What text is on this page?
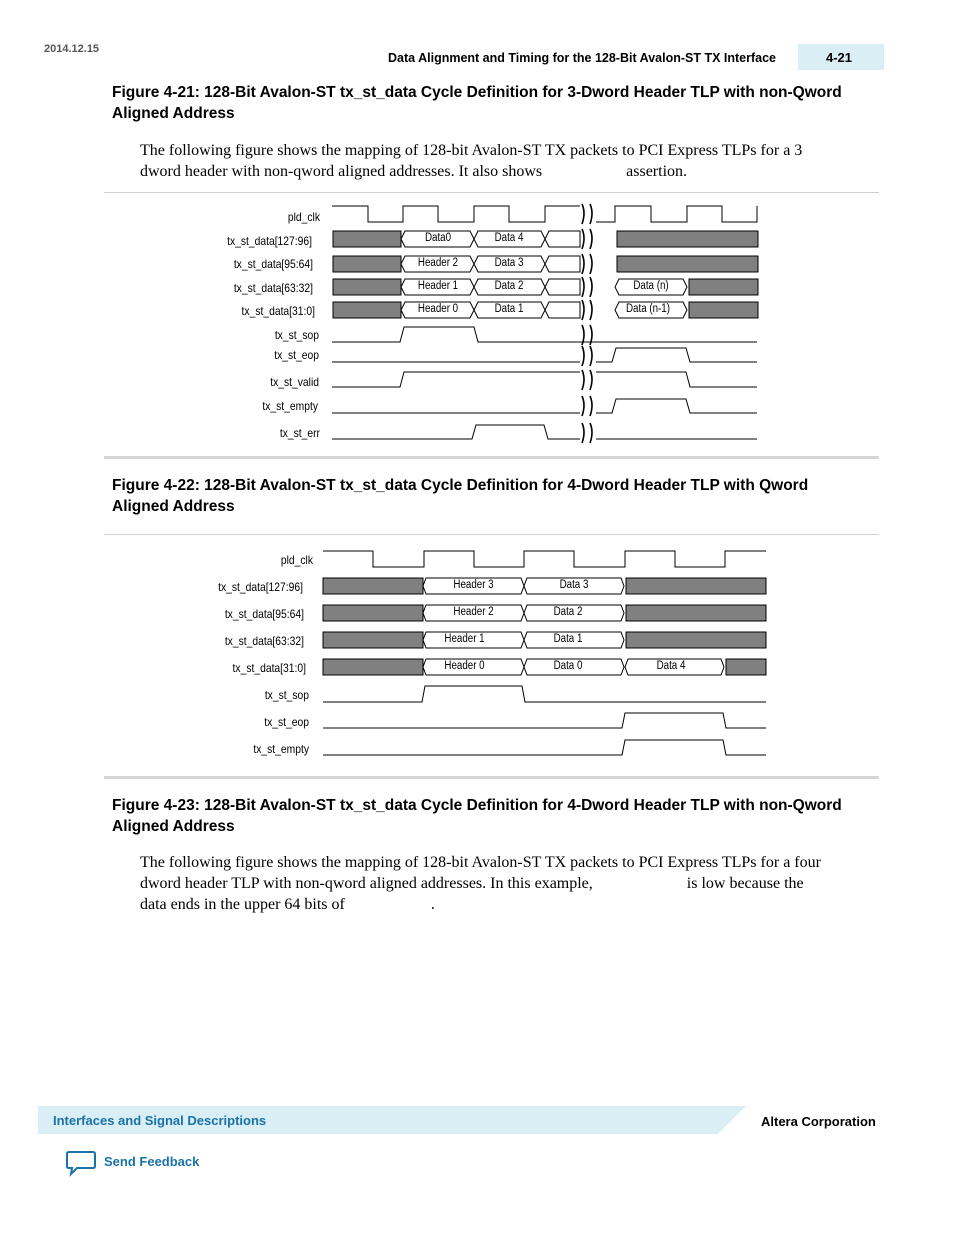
2014.12.15
Data Alignment and Timing for the 128-Bit Avalon-ST TX Interface	4-21
Figure 4-21: 128-Bit Avalon-ST tx_st_data Cycle Definition for 3-Dword Header TLP with non-Qword
Aligned Address
The following figure shows the mapping of 128-bit Avalon-ST TX packets to PCI Express TLPs for a 3
dword header with non-qword aligned addresses. It also shows	assertion.
pld_clk
tx_st_data[127:96]
tx_st_data[95:64]
tx_st_data[63:32]
tx_st_data[31:0]
tx_st_sop
tx_st_eop
tx_st_valid
tx_st_empty
tx_st_err
Data0	Data 4
Header 2	Data 3
Header 1	Data 2	Data (n)
Header 0	Data 1	Data (n-1)
Figure 4-22: 128-Bit Avalon-ST tx_st_data Cycle Definition for 4-Dword Header TLP with Qword
Aligned Address
pld_clk
tx_st_data[127:96]
tx_st_data[95:64]
tx_st_data[63:32]
tx_st_data[31:0]
tx_st_sop
tx_st_eop
tx_st_empty
Header 3	Data 3
Header 2	Data 2
Header 1	Data 1
Header 0	Data 0	Data 4
Figure 4-23: 128-Bit Avalon-ST tx_st_data Cycle Definition for 4-Dword Header TLP with non-Qword
Aligned Address
The following figure shows the mapping of 128-bit Avalon-ST TX packets to PCI Express TLPs for a four
dword header TLP with non-qword aligned addresses. In this example,	is low because the
data ends in the upper 64 bits of	.
Interfaces and Signal Descriptions	Altera Corporation
Send Feedback
